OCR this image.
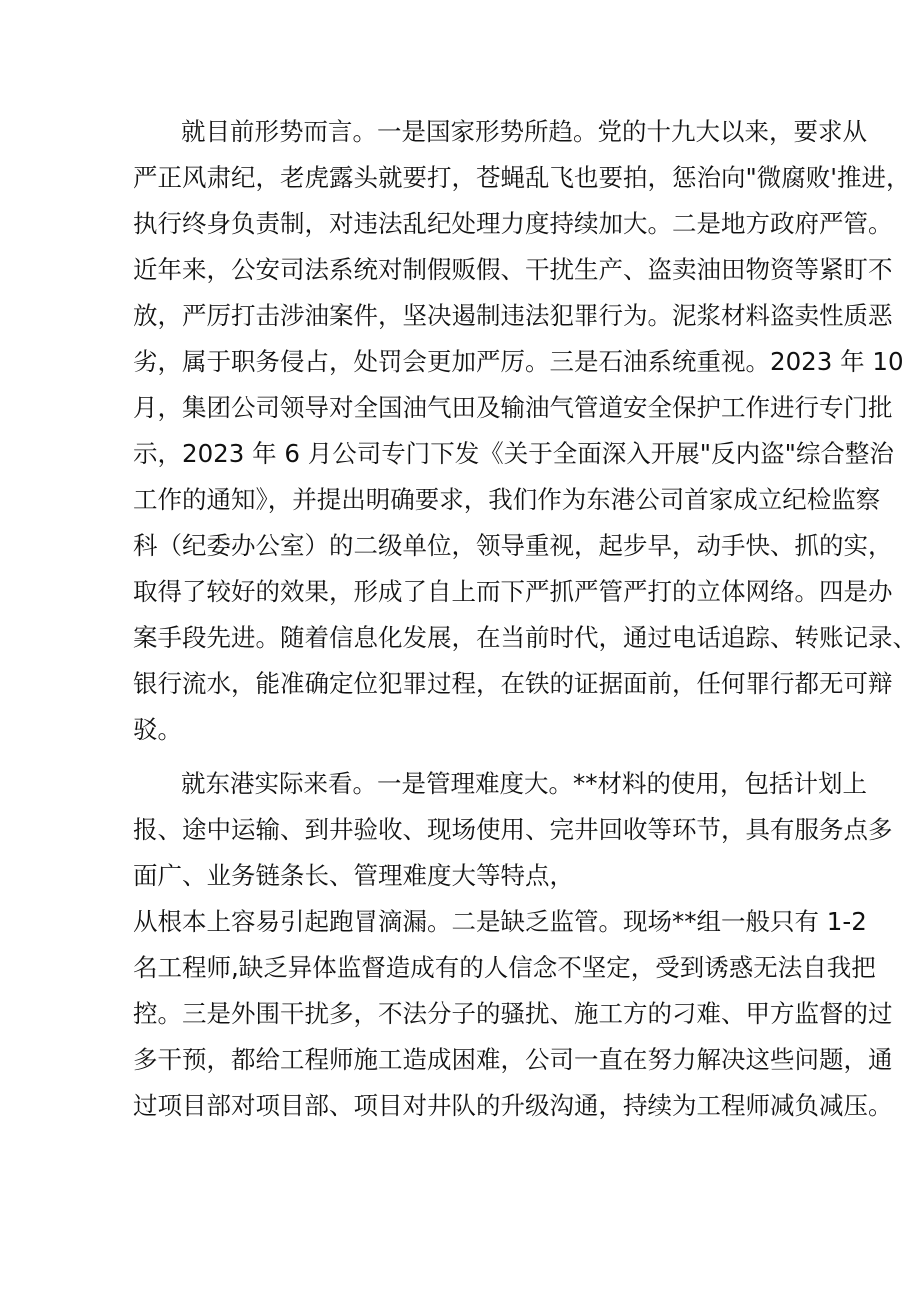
就目前形势而言。一是国家形势所趋。党的十九大以来，要求从

严正风肃纪，老虎露头就要打，苍蝇乱飞也要拍，惩治向"微腐败'推进，

执行终身负责制，对违法乱纪处理力度持续加大。二是地方政府严管。

近年来，公安司法系统对制假贩假、干扰生产、盗卖油田物资等紧盯不

放，严厉打击涉油案件，坚决遏制违法犯罪行为。泥浆材料盗卖性质恶

劣，属于职务侵占，处罚会更加严厉。三是石油系统重视。2023 年 10

月，集团公司领导对全国油气田及输油气管道安全保护工作进行专门批

示，2023 年 6 月公司专门下发《关于全面深入开展"反内盗"综合整治

工作的通知》，并提出明确要求，我们作为东港公司首家成立纪检监察

科（纪委办公室）的二级单位，领导重视，起步早，动手快、抓的实，

取得了较好的效果，形成了自上而下严抓严管严打的立体网络。四是办

案手段先进。随着信息化发展，在当前时代，通过电话追踪、转账记录、

银行流水，能准确定位犯罪过程，在铁的证据面前，任何罪行都无可辩

驳。

就东港实际来看。一是管理难度大。**材料的使用，包括计划上

报、途中运输、到井验收、现场使用、完井回收等环节，具有服务点多

面广、业务链条长、管理难度大等特点，

从根本上容易引起跑冒滴漏。二是缺乏监管。现场**组一般只有 1-2

名工程师,缺乏异体监督造成有的人信念不坚定，受到诱惑无法自我把

控。三是外围干扰多，不法分子的骚扰、施工方的刁难、甲方监督的过

多干预，都给工程师施工造成困难，公司一直在努力解决这些问题，通

过项目部对项目部、项目对井队的升级沟通，持续为工程师减负减压。
